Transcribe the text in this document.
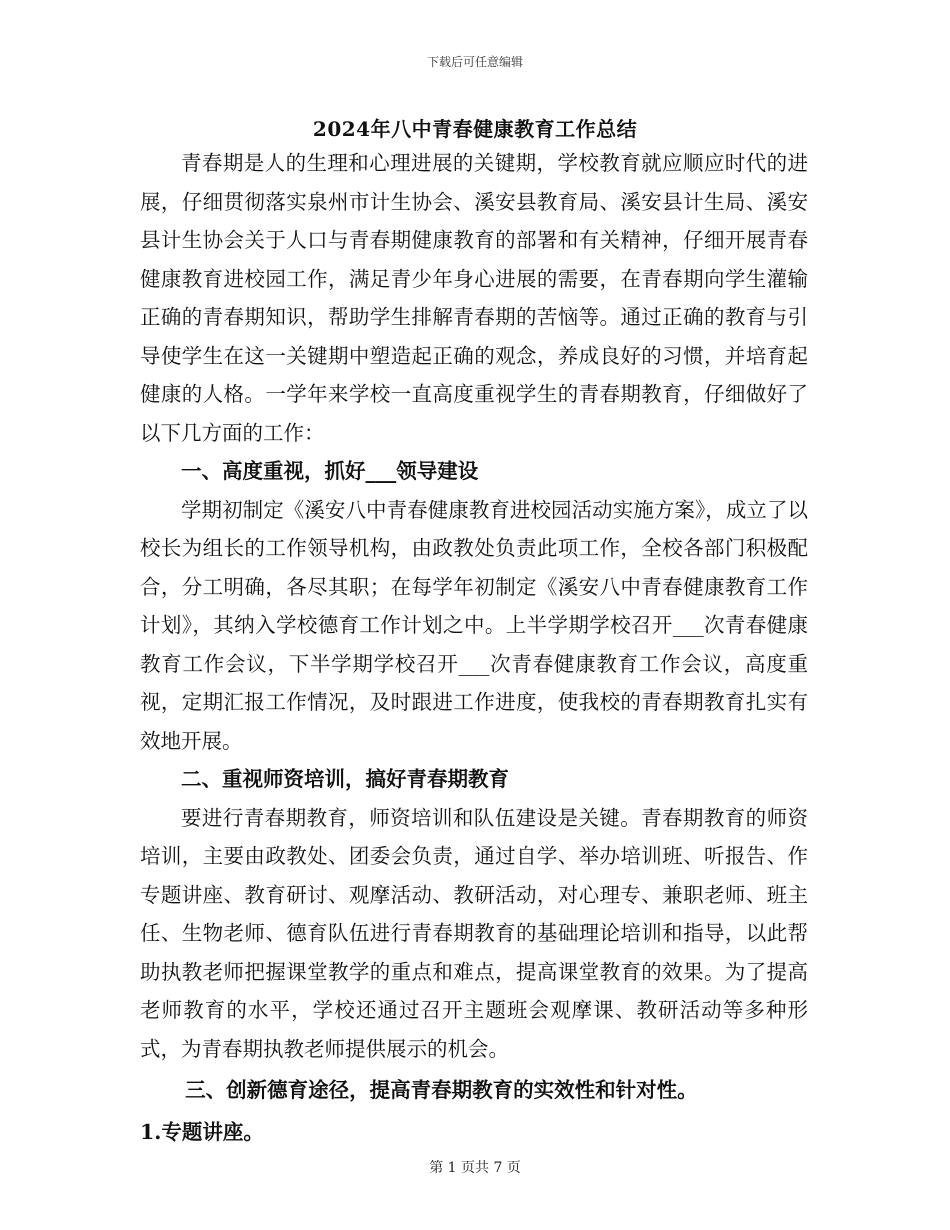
下载后可任意编辑
2024年八中青春健康教育工作总结

青春期是人的生理和心理进展的关键期，学校教育就应顺应时代的进展，仔细贯彻落实泉州市计生协会、溪安县教育局、溪安县计生局、溪安县计生协会关于人口与青春期健康教育的部署和有关精神，仔细开展青春健康教育进校园工作，满足青少年身心进展的需要，在青春期向学生灌输正确的青春期知识，帮助学生排解青春期的苦恼等。通过正确的教育与引导使学生在这一关键期中塑造起正确的观念，养成良好的习惯，并培育起健康的人格。一学年来学校一直高度重视学生的青春期教育，仔细做好了以下几方面的工作：

一、高度重视，抓好___领导建设

学期初制定《溪安八中青春健康教育进校园活动实施方案》，成立了以校长为组长的工作领导机构，由政教处负责此项工作，全校各部门积极配合，分工明确，各尽其职；在每学年初制定《溪安八中青春健康教育工作计划》，其纳入学校德育工作计划之中。上半学期学校召开___次青春健康教育工作会议，下半学期学校召开___次青春健康教育工作会议，高度重视，定期汇报工作情况，及时跟进工作进度，使我校的青春期教育扎实有效地开展。

二、重视师资培训，搞好青春期教育

要进行青春期教育，师资培训和队伍建设是关键。青春期教育的师资培训，主要由政教处、团委会负责，通过自学、举办培训班、听报告、作专题讲座、教育研讨、观摩活动、教研活动，对心理专、兼职老师、班主任、生物老师、德育队伍进行青春期教育的基础理论培训和指导，以此帮助执教老师把握课堂教学的重点和难点，提高课堂教育的效果。为了提高老师教育的水平，学校还通过召开主题班会观摩课、教研活动等多种形式，为青春期执教老师提供展示的机会。

三、创新德育途径，提高青春期教育的实效性和针对性。

1.专题讲座。

第 1 页共 7 页
